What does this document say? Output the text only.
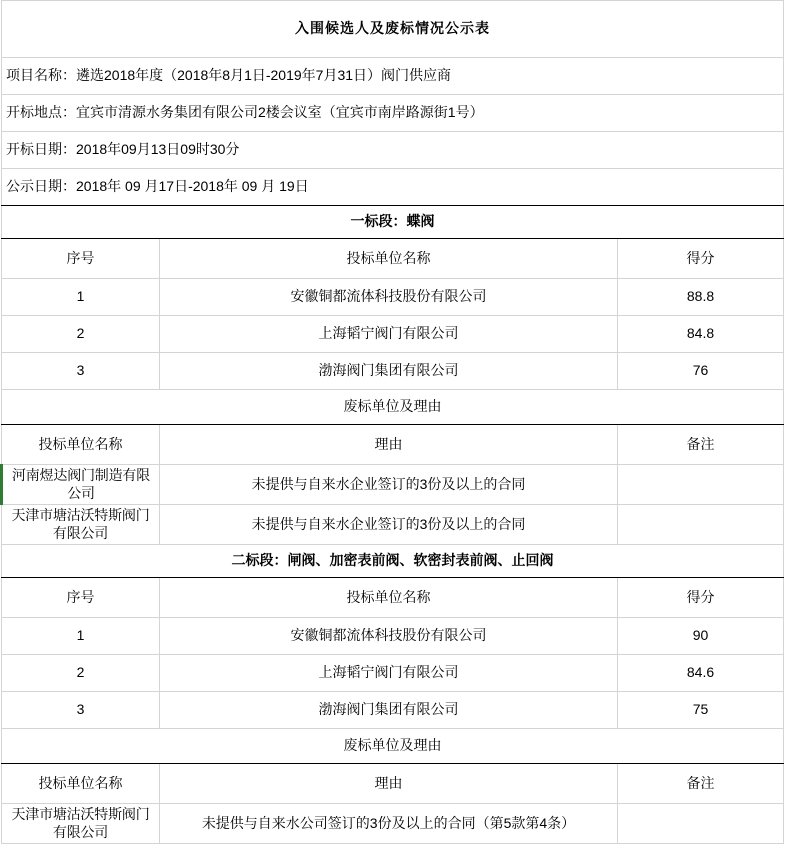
入围候选人及废标情况公示表		
项目名称：遴选2018年度（2018年8月1日-2019年7月31日）阀门供应商		
开标地点：宜宾市清源水务集团有限公司2楼会议室（宜宾市南岸路源街1号）		
开标日期：2018年09月13日09时30分		
公示日期：2018年 09 月17日-2018年 09 月 19日		
一标段：蝶阀		
序号	投标单位名称	得分
1	安徽铜都流体科技股份有限公司	88.8
2	上海韬宁阀门有限公司	84.8
3	渤海阀门集团有限公司	76
废标单位及理由		
投标单位名称	理由	备注
河南煜达阀门制造有限公司	未提供与自来水企业签订的3份及以上的合同	
天津市塘沽沃特斯阀门有限公司	未提供与自来水企业签订的3份及以上的合同	
二标段：闸阀、加密表前阀、软密封表前阀、止回阀		
序号	投标单位名称	得分
1	安徽铜都流体科技股份有限公司	90
2	上海韬宁阀门有限公司	84.6
3	渤海阀门集团有限公司	75
废标单位及理由		
投标单位名称	理由	备注
天津市塘沽沃特斯阀门有限公司	未提供与自来水公司签订的3份及以上的合同（第5款第4条）	
